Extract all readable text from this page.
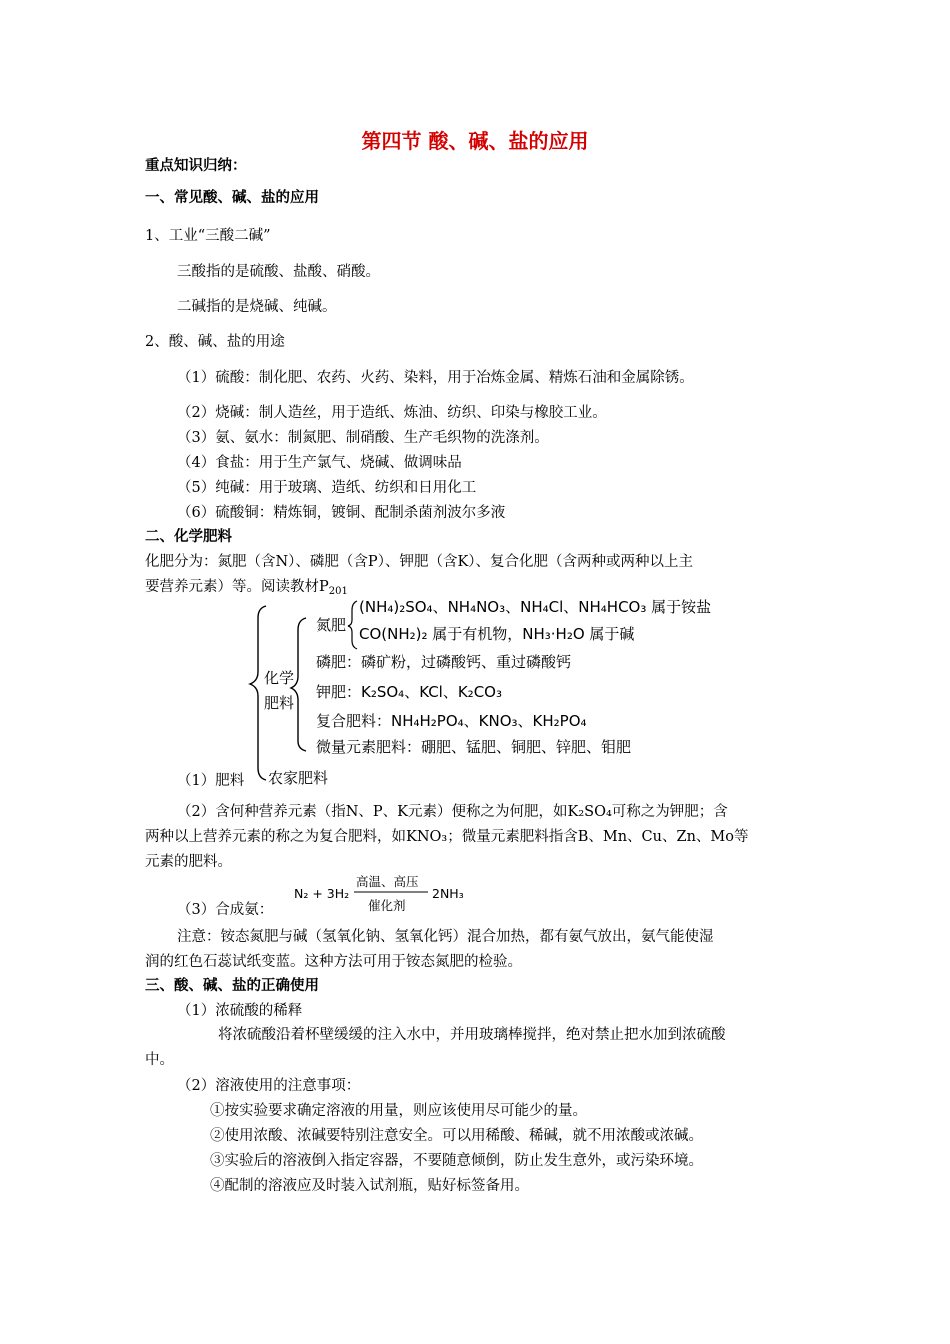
第四节 酸、碱、盐的应用
重点知识归纳：
一、常见酸、碱、盐的应用
1、工业“三酸二碱”
三酸指的是硫酸、盐酸、硝酸。
二碱指的是烧碱、纯碱。
2、酸、碱、盐的用途
（1）硫酸：制化肥、农药、火药、染料，用于冶炼金属、精炼石油和金属除锈。
（2）烧碱：制人造丝，用于造纸、炼油、纺织、印染与橡胶工业。
（3）氨、氨水：制氮肥、制硝酸、生产毛织物的洗涤剂。
（4）食盐：用于生产氯气、烧碱、做调味品
（5）纯碱：用于玻璃、造纸、纺织和日用化工
（6）硫酸铜：精炼铜，镀铜、配制杀菌剂波尔多液
二、化学肥料
化肥分为：氮肥（含N）、磷肥（含P）、钾肥（含K）、复合化肥（含两种或两种以上主
要营养元素）等。阅读教材$P_{201}$
化学
肥料
氮肥
(NH₄)₂SO₄、NH₄NO₃、NH₄Cl、NH₄HCO₃ 属于铵盐
CO(NH₂)₂ 属于有机物，NH₃·H₂O 属于碱
磷肥：磷矿粉，过磷酸钙、重过磷酸钙
钾肥：K₂SO₄、KCl、K₂CO₃
复合肥料：NH₄H₂PO₄、KNO₃、KH₂PO₄
微量元素肥料：硼肥、锰肥、铜肥、锌肥、钼肥
农家肥料
（1）肥料
（2）含何种营养元素（指N、P、K元素）便称之为何肥，如K₂SO₄可称之为钾肥；含
两种以上营养元素的称之为复合肥料，如KNO₃；微量元素肥料指含B、Mn、Cu、Zn、Mo等
元素的肥料。
（3）合成氨：
N₂ + 3H₂
高温、高压
催化剂
2NH₃
注意：铵态氮肥与碱（氢氧化钠、氢氧化钙）混合加热，都有氨气放出，氨气能使湿
润的红色石蕊试纸变蓝。这种方法可用于铵态氮肥的检验。
三、酸、碱、盐的正确使用
（1）浓硫酸的稀释
将浓硫酸沿着杯壁缓缓的注入水中，并用玻璃棒搅拌，绝对禁止把水加到浓硫酸
中。
（2）溶液使用的注意事项：
①按实验要求确定溶液的用量，则应该使用尽可能少的量。
②使用浓酸、浓碱要特别注意安全。可以用稀酸、稀碱，就不用浓酸或浓碱。
③实验后的溶液倒入指定容器，不要随意倾倒，防止发生意外，或污染环境。
④配制的溶液应及时装入试剂瓶，贴好标签备用。
